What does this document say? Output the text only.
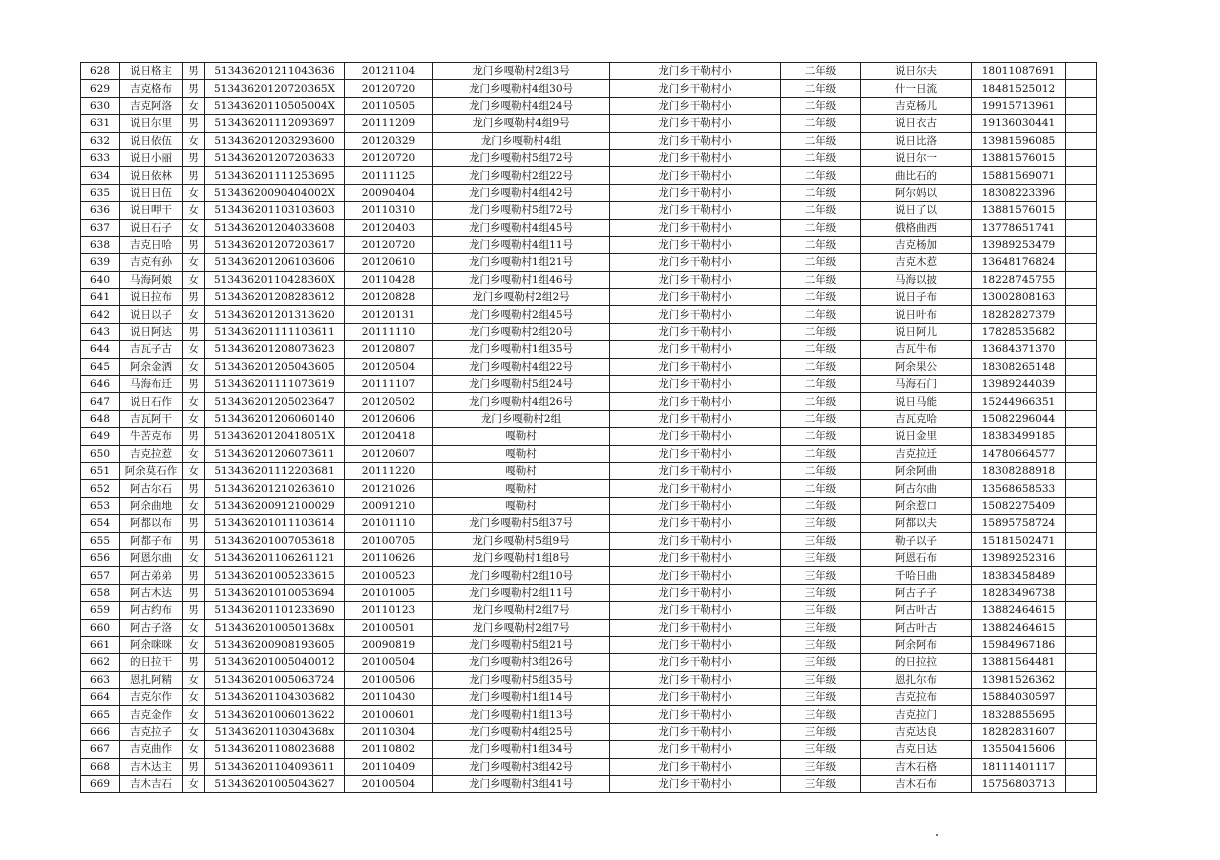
628	说日格主	男	513436201211043636	20121104	龙门乡嘎勒村2组3号	龙门乡干勒村小	二年级	说日尔夫	18011087691	
629	吉克格布	男	51343620120720365X	20120720	龙门乡嘎勒村4组30号	龙门乡干勒村小	二年级	什一日流	18481525012	
630	吉克阿洛	女	51343620110505004X	20110505	龙门乡嘎勒村4组24号	龙门乡干勒村小	二年级	吉克杨儿	19915713961	
631	说日尔里	男	513436201112093697	20111209	龙门乡嘎勒村4组9号	龙门乡干勒村小	二年级	说日衣古	19136030441	
632	说日依伍	女	513436201203293600	20120329	龙门乡嘎勒村4组	龙门乡干勒村小	二年级	说日比洛	13981596085	
633	说日小丽	男	513436201207203633	20120720	龙门乡嘎勒村5组72号	龙门乡干勒村小	二年级	说日尔一	13881576015	
634	说日依林	男	513436201111253695	20111125	龙门乡嘎勒村2组22号	龙门乡干勒村小	二年级	曲比石的	15881569071	
635	说日日伍	女	51343620090404002X	20090404	龙门乡嘎勒村4组42号	龙门乡干勒村小	二年级	阿尔妈以	18308223396	
636	说日呷干	女	513436201103103603	20110310	龙门乡嘎勒村5组72号	龙门乡干勒村小	二年级	说日了以	13881576015	
637	说日石子	女	513436201204033608	20120403	龙门乡嘎勒村4组45号	龙门乡干勒村小	二年级	俄格曲西	13778651741	
638	吉克日哈	男	513436201207203617	20120720	龙门乡嘎勒村4组11号	龙门乡干勒村小	二年级	吉克杨加	13989253479	
639	吉克有孙	女	513436201206103606	20120610	龙门乡嘎勒村1组21号	龙门乡干勒村小	二年级	吉克木惹	13648176824	
640	马海阿娘	女	51343620110428360X	20110428	龙门乡嘎勒村1组46号	龙门乡干勒村小	二年级	马海以披	18228745755	
641	说日拉布	男	513436201208283612	20120828	龙门乡嘎勒村2组2号	龙门乡干勒村小	二年级	说日子布	13002808163	
642	说日以子	女	513436201201313620	20120131	龙门乡嘎勒村2组45号	龙门乡干勒村小	二年级	说日叶布	18282827379	
643	说日阿达	男	513436201111103611	20111110	龙门乡嘎勒村2组20号	龙门乡干勒村小	二年级	说日阿儿	17828535682	
644	吉瓦子古	女	513436201208073623	20120807	龙门乡嘎勒村1组35号	龙门乡干勒村小	二年级	吉瓦牛布	13684371370	
645	阿余金洒	女	513436201205043605	20120504	龙门乡嘎勒村4组22号	龙门乡干勒村小	二年级	阿余果公	18308265148	
646	马海布迁	男	513436201111073619	20111107	龙门乡嘎勒村5组24号	龙门乡干勒村小	二年级	马海石门	13989244039	
647	说日石作	女	513436201205023647	20120502	龙门乡嘎勒村4组26号	龙门乡干勒村小	二年级	说日马能	15244966351	
648	吉瓦阿干	女	513436201206060140	20120606	龙门乡嘎勒村2组	龙门乡干勒村小	二年级	吉瓦克哈	15082296044	
649	牛苦克布	男	51343620120418051X	20120418	嘎勒村	龙门乡干勒村小	二年级	说日金里	18383499185	
650	吉克拉惹	女	513436201206073611	20120607	嘎勒村	龙门乡干勒村小	二年级	吉克拉迁	14780664577	
651	阿余莫石作	女	513436201112203681	20111220	嘎勒村	龙门乡干勒村小	二年级	阿余阿曲	18308288918	
652	阿古尔石	男	513436201210263610	20121026	嘎勒村	龙门乡干勒村小	二年级	阿古尔曲	13568658533	
653	阿余曲地	女	513436200912100029	20091210	嘎勒村	龙门乡干勒村小	二年级	阿余惹口	15082275409	
654	阿都以布	男	513436201011103614	20101110	龙门乡嘎勒村5组37号	龙门乡干勒村小	三年级	阿都以夫	15895758724	
655	阿都子布	男	513436201007053618	20100705	龙门乡嘎勒村5组9号	龙门乡干勒村小	三年级	勒子以子	15181502471	
656	阿恩尔曲	女	513436201106261121	20110626	龙门乡嘎勒村1组8号	龙门乡干勒村小	三年级	阿恩石布	13989252316	
657	阿古弟弟	男	513436201005233615	20100523	龙门乡嘎勒村2组10号	龙门乡干勒村小	三年级	千哈日曲	18383458489	
658	阿古木达	男	513436201010053694	20101005	龙门乡嘎勒村2组11号	龙门乡干勒村小	三年级	阿古子子	18283496738	
659	阿古约布	男	513436201101233690	20110123	龙门乡嘎勒村2组7号	龙门乡干勒村小	三年级	阿古叶古	13882464615	
660	阿古子洛	女	51343620100501368x	20100501	龙门乡嘎勒村2组7号	龙门乡干勒村小	三年级	阿古叶古	13882464615	
661	阿余咪咪	女	513436200908193605	20090819	龙门乡嘎勒村5组21号	龙门乡干勒村小	三年级	阿余阿布	15984967186	
662	的日拉干	男	513436201005040012	20100504	龙门乡嘎勒村3组26号	龙门乡干勒村小	三年级	的日拉拉	13881564481	
663	恩扎阿精	女	513436201005063724	20100506	龙门乡嘎勒村5组35号	龙门乡干勒村小	三年级	恩扎尔布	13981526362	
664	吉克尔作	女	513436201104303682	20110430	龙门乡嘎勒村1组14号	龙门乡干勒村小	三年级	吉克拉布	15884030597	
665	吉克金作	女	513436201006013622	20100601	龙门乡嘎勒村1组13号	龙门乡干勒村小	三年级	吉克拉门	18328855695	
666	吉克拉子	女	51343620110304368x	20110304	龙门乡嘎勒村4组25号	龙门乡干勒村小	三年级	吉克达良	18282831607	
667	吉克曲作	女	513436201108023688	20110802	龙门乡嘎勒村1组34号	龙门乡干勒村小	三年级	吉克日达	13550415606	
668	吉木达主	男	513436201104093611	20110409	龙门乡嘎勒村3组42号	龙门乡干勒村小	三年级	吉木石格	18111401117	
669	吉木吉石	女	513436201005043627	20100504	龙门乡嘎勒村3组41号	龙门乡干勒村小	三年级	吉木石布	15756803713	
